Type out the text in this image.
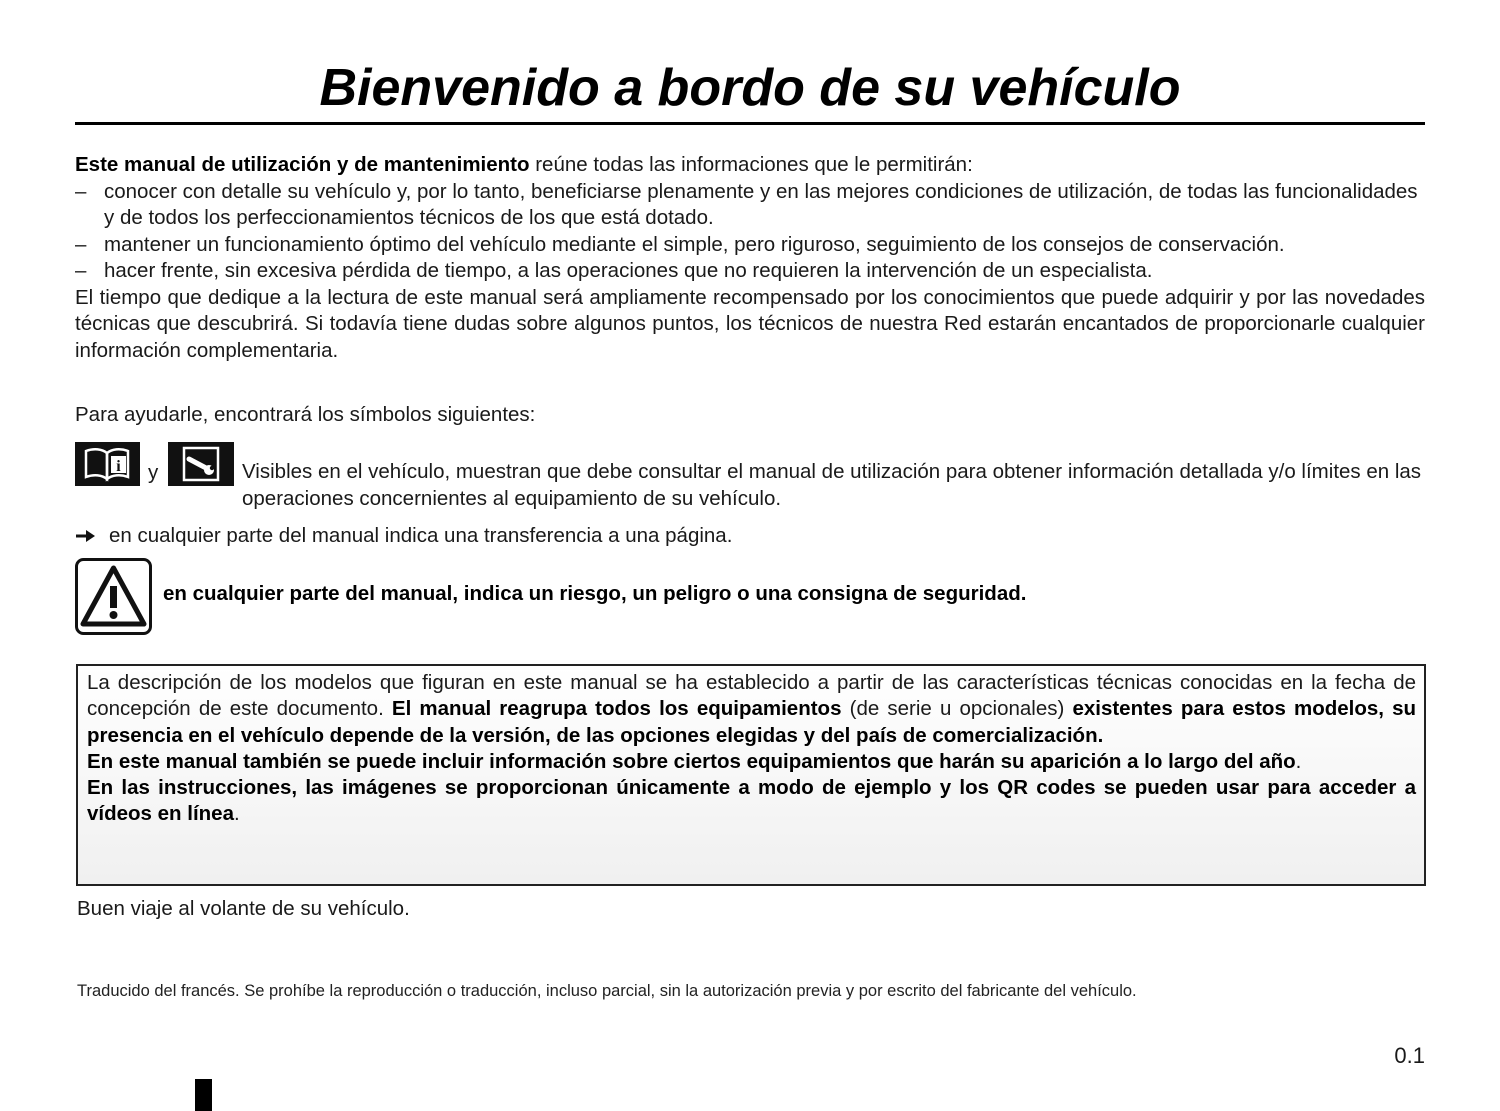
Bienvenido a bordo de su vehículo

Este manual de utilización y de mantenimiento reúne todas las informaciones que le permitirán:

– conocer con detalle su vehículo y, por lo tanto, beneficiarse plenamente y en las mejores condiciones de utilización, de todas las funcionalidades y de todos los perfeccionamientos técnicos de los que está dotado.

– mantener un funcionamiento óptimo del vehículo mediante el simple, pero riguroso, seguimiento de los consejos de conservación.

– hacer frente, sin excesiva pérdida de tiempo, a las operaciones que no requieren la intervención de un especialista.

El tiempo que dedique a la lectura de este manual será ampliamente recompensado por los conocimientos que puede adquirir y por las novedades técnicas que descubrirá. Si todavía tiene dudas sobre algunos puntos, los técnicos de nuestra Red estarán encantados de proporcionarle cualquier información complementaria.

Para ayudarle, encontrará los símbolos siguientes:

i y	Visibles en el vehículo, muestran que debe consultar el manual de utilización para obtener información detallada y/o límites en las operaciones concernientes al equipamiento de su vehículo.

en cualquier parte del manual indica una transferencia a una página.

en cualquier parte del manual, indica un riesgo, un peligro o una consigna de seguridad.

La descripción de los modelos que figuran en este manual se ha establecido a partir de las características técnicas conocidas en la fecha de concepción de este documento. El manual reagrupa todos los equipamientos (de serie u opcionales) existentes para estos modelos, su presencia en el vehículo depende de la versión, de las opciones elegidas y del país de comercialización.

En este manual también se puede incluir información sobre ciertos equipamientos que harán su aparición a lo largo del año.

En las instrucciones, las imágenes se proporcionan únicamente a modo de ejemplo y los QR codes se pueden usar para acceder a vídeos en línea.

Buen viaje al volante de su vehículo.

Traducido del francés. Se prohíbe la reproducción o traducción, incluso parcial, sin la autorización previa y por escrito del fabricante del vehículo.

0.1
